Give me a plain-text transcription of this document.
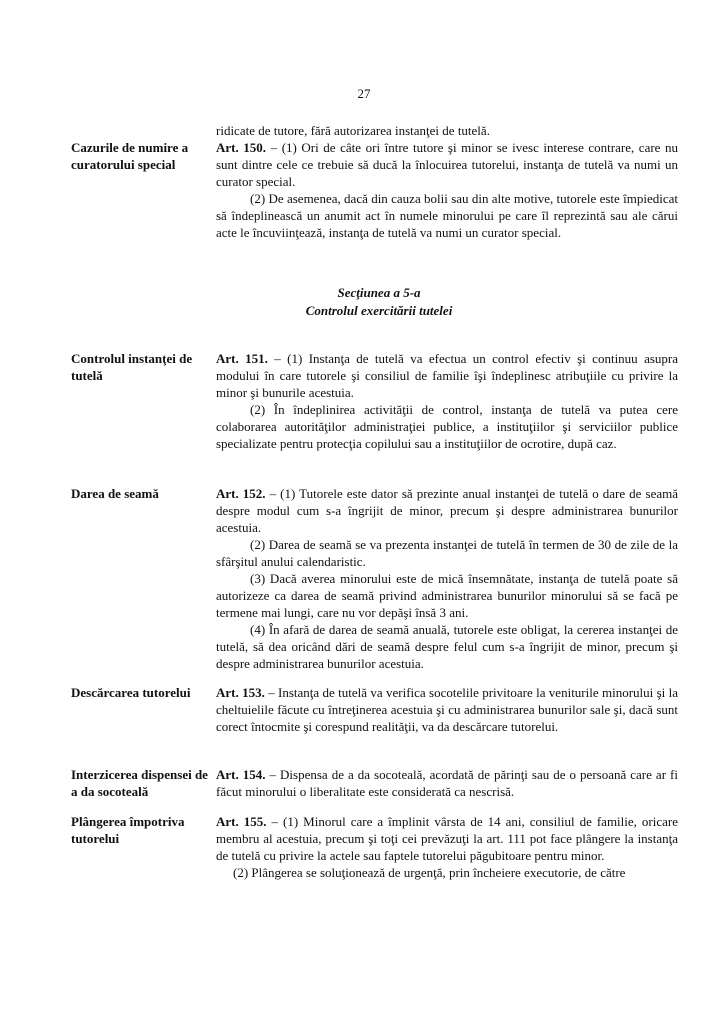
27

ridicate de tutore, fără autorizarea instanţei de tutelă.

Cazurile de numire a curatorului special

Art. 150. – (1) Ori de câte ori între tutore şi minor se ivesc interese contrare, care nu sunt dintre cele ce trebuie să ducă la înlocuirea tutorelui, instanţa de tutelă va numi un curator special.

(2) De asemenea, dacă din cauza bolii sau din alte motive, tutorele este împiedicat să îndeplinească un anumit act în numele minorului pe care îl reprezintă sau ale cărui acte le încuviinţează, instanţa de tutelă va numi un curator special.

Secţiunea a 5-a
Controlul exercitării tutelei
Controlul instanţei de tutelă

Art. 151. – (1) Instanţa de tutelă va efectua un control efectiv şi continuu asupra modului în care tutorele şi consiliul de familie îşi îndeplinesc atribuţiile cu privire la minor şi bunurile acestuia.

(2) În îndeplinirea activităţii de control, instanţa de tutelă va putea cere colaborarea autorităţilor administraţiei publice, a instituţiilor şi serviciilor publice specializate pentru protecţia copilului sau a instituţiilor de ocrotire, după caz.

Darea de seamă	Art. 152. – (1) Tutorele este dator să prezinte anual instanţei de tutelă o dare de seamă despre modul cum s-a îngrijit de minor, precum şi despre administrarea bunurilor acestuia.

(2) Darea de seamă se va prezenta instanţei de tutelă în termen de 30 de zile de la sfârşitul anului calendaristic.

(3) Dacă averea minorului este de mică însemnătate, instanţa de tutelă poate să autorizeze ca darea de seamă privind administrarea bunurilor minorului să se facă pe termene mai lungi, care nu vor depăşi însă 3 ani.

(4) În afară de darea de seamă anuală, tutorele este obligat, la cererea instanţei de tutelă, să dea oricând dări de seamă despre felul cum s-a îngrijit de minor, precum şi despre administrarea bunurilor acestuia.

Descărcarea tutorelui	Art. 153. – Instanţa de tutelă va verifica socotelile privitoare la veniturile minorului şi la cheltuielile făcute cu întreţinerea acestuia şi cu administrarea bunurilor sale şi, dacă sunt corect întocmite şi corespund realităţii, va da descărcare tutorelui.

Interzicerea dispensei de a da socoteală

Art. 154. – Dispensa de a da socoteală, acordată de părinţi sau de o persoană care ar fi făcut minorului o liberalitate este considerată ca nescrisă.

Plângerea împotriva tutorelui

Art. 155. – (1) Minorul care a împlinit vârsta de 14 ani, consiliul de familie, oricare membru al acestuia, precum şi toţi cei prevăzuţi la art. 111 pot face plângere la instanţa de tutelă cu privire la actele sau faptele tutorelui păgubitoare pentru minor.

(2) Plângerea se soluţionează de urgenţă, prin încheiere executorie, de către
